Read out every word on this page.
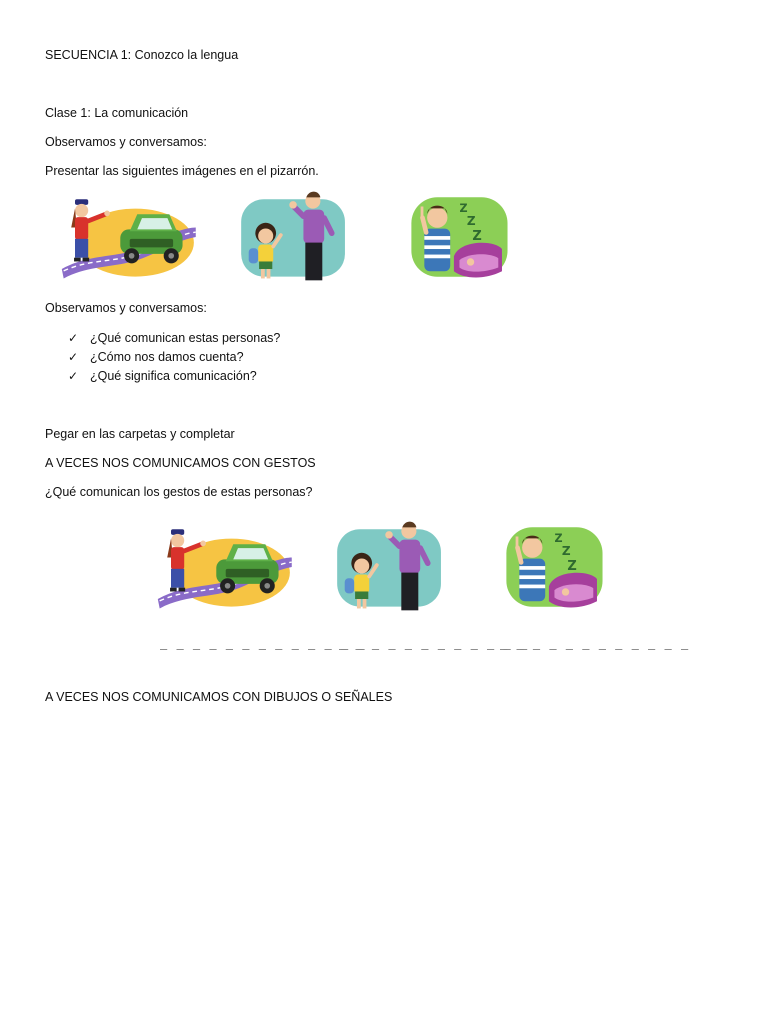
SECUENCIA 1: Conozco la lengua
Clase 1: La comunicación
Observamos y conversamos:
Presentar las siguientes imágenes en el pizarrón.
Observamos y conversamos:
✓ ¿Qué comunican estas personas?
✓ ¿Cómo nos damos cuenta?
✓ ¿Qué significa comunicación?
Pegar en las carpetas y completar
A VECES NOS COMUNICAMOS CON GESTOS
¿Qué comunican los gestos de estas personas?
_ _ _ _ _ _ _ _ _ _ _ _ _
_ _ _ _ _ _ _ _ _ _ _ _
_ _ _ _ _ _ _ _ _ _ _ _
A VECES NOS COMUNICAMOS CON DIBUJOS O SEÑALES
